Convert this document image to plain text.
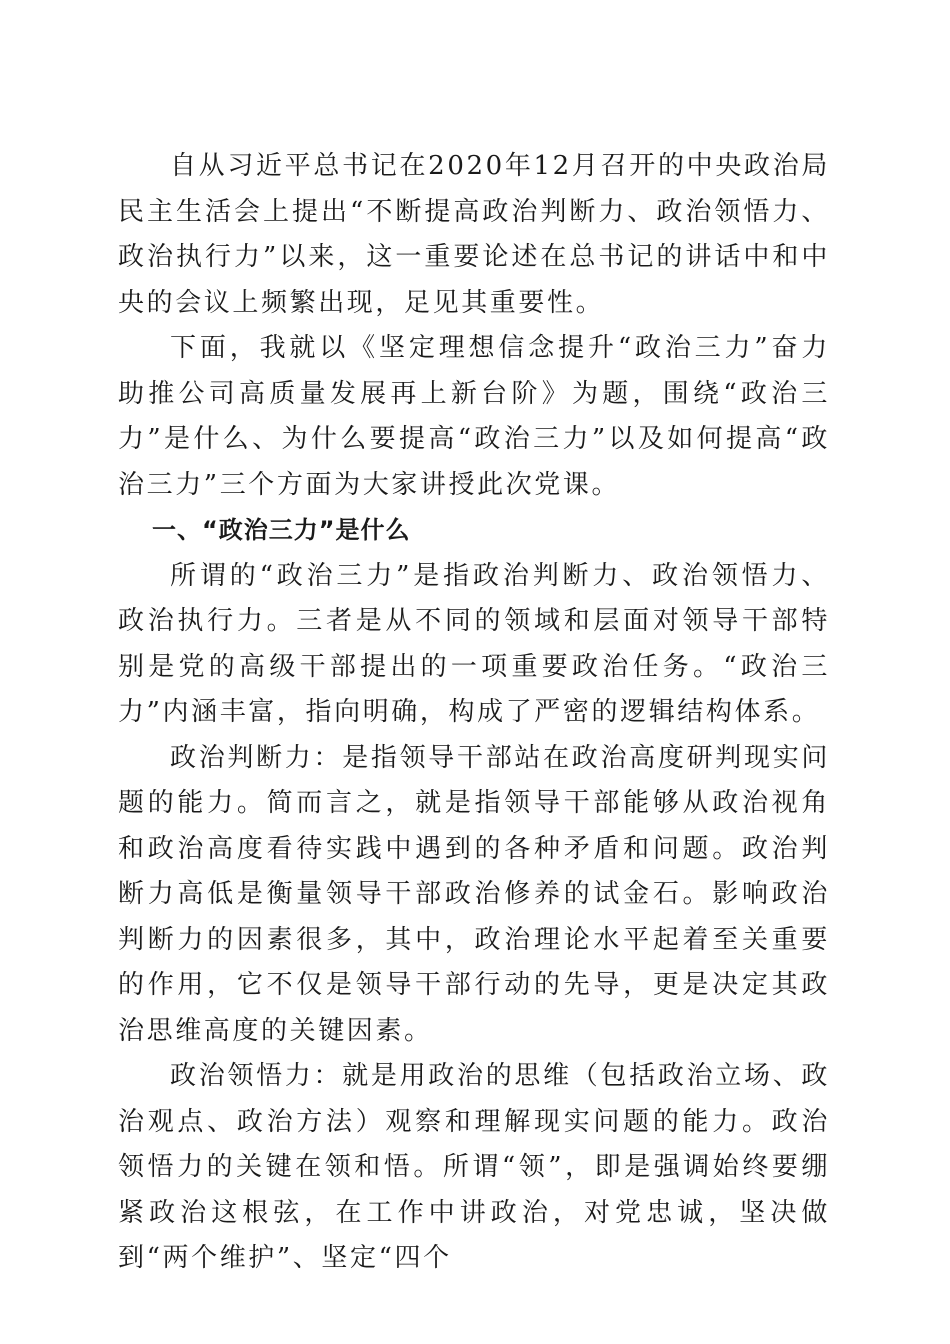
自从习近平总书记在2020年12月召开的中央政治局民主生活会上提出“不断提高政治判断力、政治领悟力、政治执行力”以来，这一重要论述在总书记的讲话中和中央的会议上频繁出现，足见其重要性。

下面，我就以《坚定理想信念提升“政治三力”奋力助推公司高质量发展再上新台阶》为题，围绕“政治三力”是什么、为什么要提高“政治三力”以及如何提高“政治三力”三个方面为大家讲授此次党课。

一、“政治三力”是什么

所谓的“政治三力”是指政治判断力、政治领悟力、政治执行力。三者是从不同的领域和层面对领导干部特别是党的高级干部提出的一项重要政治任务。“政治三力”内涵丰富，指向明确，构成了严密的逻辑结构体系。

政治判断力：是指领导干部站在政治高度研判现实问题的能力。简而言之，就是指领导干部能够从政治视角和政治高度看待实践中遇到的各种矛盾和问题。政治判断力高低是衡量领导干部政治修养的试金石。影响政治判断力的因素很多，其中，政治理论水平起着至关重要的作用，它不仅是领导干部行动的先导，更是决定其政治思维高度的关键因素。

政治领悟力：就是用政治的思维（包括政治立场、政治观点、政治方法）观察和理解现实问题的能力。政治领悟力的关键在领和悟。所谓“领”，即是强调始终要绷紧政治这根弦，在工作中讲政治，对党忠诚，坚决做到“两个维护”、坚定“四个
